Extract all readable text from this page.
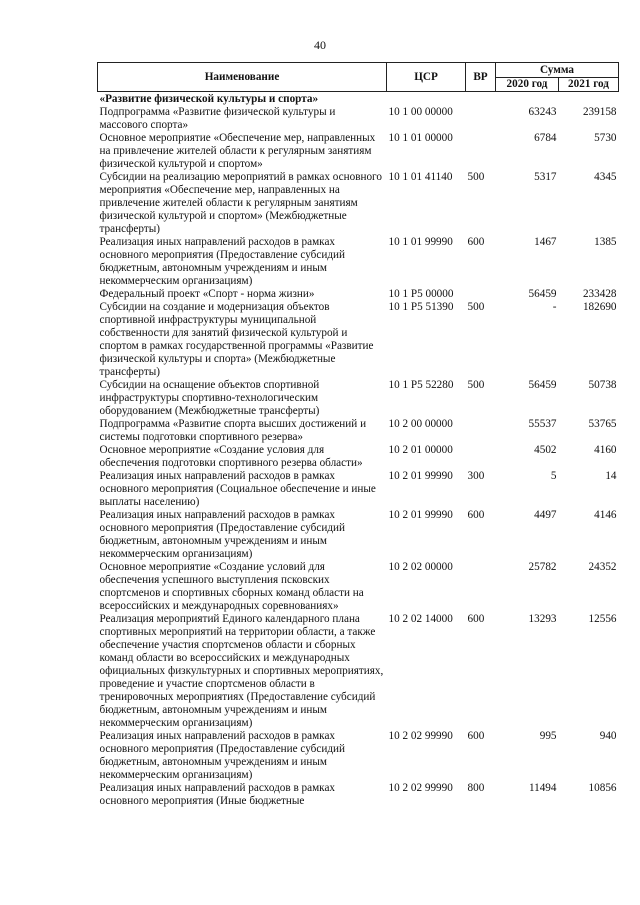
40
Наименование	ЦСР	ВР	Сумма	
			2020 год	2021 год
«Развитие физической культуры и спорта»				
Подпрограмма «Развитие физической культуры и массового спорта»	10 1 00 00000		63243	239158
Основное мероприятие «Обеспечение мер, направленных на привлечение жителей области к регулярным занятиям физической культурой и спортом»	10 1 01 00000		6784	5730
Субсидии на реализацию мероприятий в рамках основного мероприятия «Обеспечение мер, направленных на привлечение жителей области к регулярным занятиям физической культурой и спортом» (Межбюджетные трансферты)	10 1 01 41140	500	5317	4345
Реализация иных направлений расходов в рамках основного мероприятия (Предоставление субсидий бюджетным, автономным учреждениям и иным некоммерческим организациям)	10 1 01 99990	600	1467	1385
Федеральный проект «Спорт - норма жизни»	10 1 P5 00000		56459	233428
Субсидии на создание и модернизация объектов спортивной инфраструктуры муниципальной собственности для занятий физической культурой и спортом в рамках государственной программы «Развитие физической культуры и спорта» (Межбюджетные трансферты)	10 1 P5 51390	500	-	182690
Субсидии на оснащение объектов спортивной инфраструктуры спортивно-технологическим оборудованием (Межбюджетные трансферты)	10 1 P5 52280	500	56459	50738
Подпрограмма «Развитие спорта высших достижений и системы подготовки спортивного резерва»	10 2 00 00000		55537	53765
Основное мероприятие «Создание условия для обеспечения подготовки спортивного резерва области»	10 2 01 00000		4502	4160
Реализация иных направлений расходов в рамках основного мероприятия (Социальное обеспечение и иные выплаты населению)	10 2 01 99990	300	5	14
Реализация иных направлений расходов в рамках основного мероприятия (Предоставление субсидий бюджетным, автономным учреждениям и иным некоммерческим организациям)	10 2 01 99990	600	4497	4146
Основное мероприятие «Создание условий для обеспечения успешного выступления псковских спортсменов и спортивных сборных команд области на всероссийских и международных соревнованиях»	10 2 02 00000		25782	24352
Реализация мероприятий Единого календарного плана спортивных мероприятий на территории области, а также обеспечение участия спортсменов области и сборных команд области во всероссийских и международных официальных физкультурных и спортивных мероприятиях, проведение и участие спортсменов области в тренировочных мероприятиях (Предоставление субсидий бюджетным, автономным учреждениям и иным некоммерческим организациям)	10 2 02 14000	600	13293	12556
Реализация иных направлений расходов в рамках основного мероприятия (Предоставление субсидий бюджетным, автономным учреждениям и иным некоммерческим организациям)	10 2 02 99990	600	995	940
Реализация иных направлений расходов в рамках основного мероприятия (Иные бюджетные	10 2 02 99990	800	11494	10856
